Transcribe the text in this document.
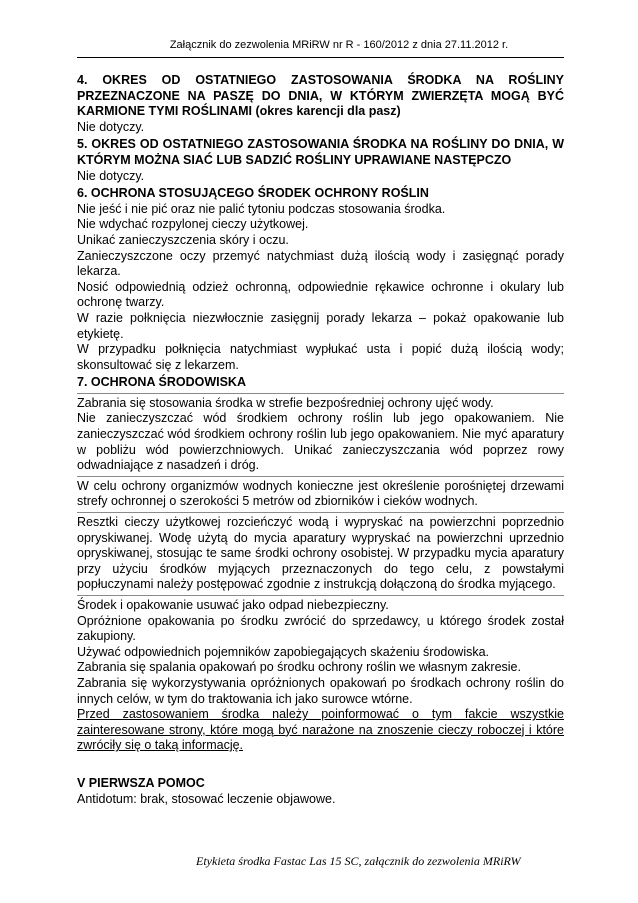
Załącznik do zezwolenia MRiRW nr R - 160/2012 z dnia 27.11.2012 r.
4. OKRES OD OSTATNIEGO ZASTOSOWANIA ŚRODKA NA ROŚLINY PRZEZNACZONE NA PASZĘ DO DNIA, W KTÓRYM ZWIERZĘTA MOGĄ BYĆ KARMIONE TYMI ROŚLINAMI (okres karencji dla pasz)

Nie dotyczy.

5. OKRES OD OSTATNIEGO ZASTOSOWANIA ŚRODKA NA ROŚLINY DO DNIA, W KTÓRYM MOŻNA SIAĆ LUB SADZIĆ ROŚLINY UPRAWIANE NASTĘPCZO

Nie dotyczy.

6. OCHRONA STOSUJĄCEGO ŚRODEK OCHRONY ROŚLIN

Nie jeść i nie pić oraz nie palić tytoniu podczas stosowania środka.

Nie wdychać rozpylonej cieczy użytkowej.

Unikać zanieczyszczenia skóry i oczu.

Zanieczyszczone oczy przemyć natychmiast dużą ilością wody i zasięgnąć porady lekarza.

Nosić odpowiednią odzież ochronną, odpowiednie rękawice ochronne i okulary lub ochronę twarzy.

W razie połknięcia niezwłocznie zasięgnij porady lekarza – pokaż opakowanie lub etykietę.

W przypadku połknięcia natychmiast wypłukać usta i popić dużą ilością wody; skonsultować się z lekarzem.

7. OCHRONA ŚRODOWISKA

Zabrania się stosowania środka w strefie bezpośredniej ochrony ujęć wody.

Nie zanieczyszczać wód środkiem ochrony roślin lub jego opakowaniem. Nie zanieczyszczać wód środkiem ochrony roślin lub jego opakowaniem. Nie myć aparatury w pobliżu wód powierzchniowych. Unikać zanieczyszczania wód poprzez rowy odwadniające z nasadzeń i dróg.

W celu ochrony organizmów wodnych konieczne jest określenie porośniętej drzewami strefy ochronnej o szerokości 5 metrów od zbiorników i cieków wodnych.

Resztki cieczy użytkowej rozcieńczyć wodą i wypryskać na powierzchni poprzednio opryskiwanej. Wodę użytą do mycia aparatury wypryskać na powierzchni uprzednio opryskiwanej, stosując te same środki ochrony osobistej. W przypadku mycia aparatury przy użyciu środków myjących przeznaczonych do tego celu, z powstałymi popłuczynami należy postępować zgodnie z instrukcją dołączoną do środka myjącego.

Środek i opakowanie usuwać jako odpad niebezpieczny.

Opróżnione opakowania po środku zwrócić do sprzedawcy, u którego środek został zakupiony.

Używać odpowiednich pojemników zapobiegających skażeniu środowiska.

Zabrania się spalania opakowań po środku ochrony roślin we własnym zakresie.

Zabrania się wykorzystywania opróżnionych opakowań po środkach ochrony roślin do innych celów, w tym do traktowania ich jako surowce wtórne.

Przed zastosowaniem środka należy poinformować o tym fakcie wszystkie zainteresowane strony, które mogą być narażone na znoszenie cieczy roboczej i które zwróciły się o taką informację.

V PIERWSZA POMOC

Antidotum: brak, stosować leczenie objawowe.

Etykieta środka Fastac Las 15 SC, załącznik do zezwolenia MRiRW
